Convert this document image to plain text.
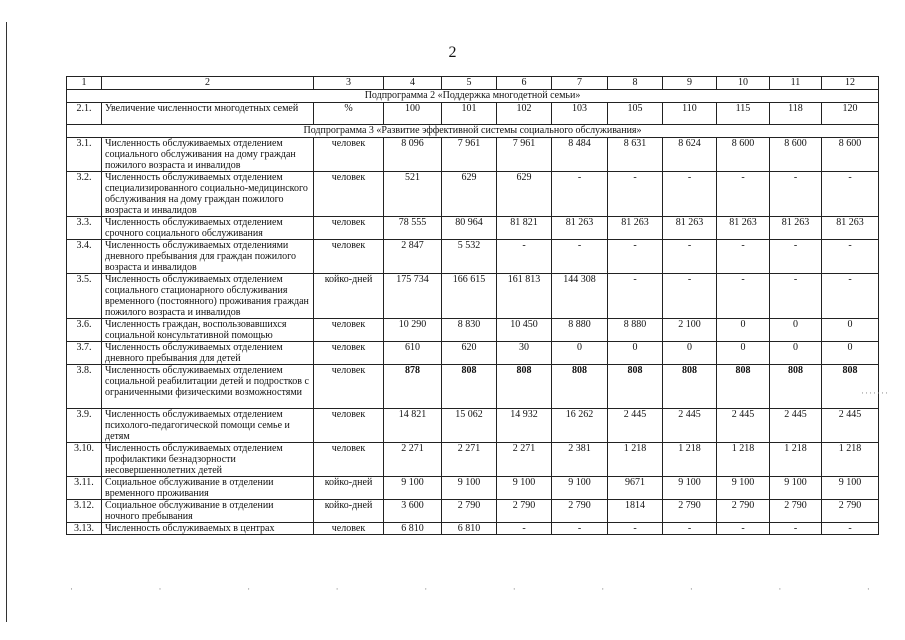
2
1	2	3	4	5	6	7	8	9	10	11	12
Подпрограмма 2 «Поддержка многодетной семьи»											
2.1.	Увеличение численности многодетных семей	%	100	101	102	103	105	110	115	118	120
Подпрограмма 3 «Развитие эффективной системы социального обслуживания»											
3.1.	Численность обслуживаемых отделением социального обслуживания на дому граждан пожилого возраста и инвалидов	человек	8 096	7 961	7 961	8 484	8 631	8 624	8 600	8 600	8 600
3.2.	Численность обслуживаемых отделением специализированного социально-медицинского обслуживания на дому граждан пожилого возраста и инвалидов	человек	521	629	629	-	-	-	-	-	-
3.3.	Численность обслуживаемых отделением срочного социального обслуживания	человек	78 555	80 964	81 821	81 263	81 263	81 263	81 263	81 263	81 263
3.4.	Численность обслуживаемых отделениями дневного пребывания для граждан пожилого возраста и инвалидов	человек	2 847	5 532	-	-	-	-	-	-	-
3.5.	Численность обслуживаемых отделением социального стационарного обслуживания временного (постоянного) проживания граждан пожилого возраста и инвалидов	койко-дней	175 734	166 615	161 813	144 308	-	-	-	-	-
3.6.	Численность граждан, воспользовавшихся социальной консультативной помощью	человек	10 290	8 830	10 450	8 880	8 880	2 100	0	0	0
3.7.	Численность обслуживаемых отделением дневного пребывания для детей	человек	610	620	30	0	0	0	0	0	0
3.8.	Численность обслуживаемых отделением социальной реабилитации детей и подростков с ограниченными физическими возможностями	человек	878	808	808	808	808	808	808	808	808
3.9.	Численность обслуживаемых отделением психолого-педагогической помощи семье и детям	человек	14 821	15 062	14 932	16 262	2 445	2 445	2 445	2 445	2 445
3.10.	Численность обслуживаемых отделением профилактики безнадзорности несовершеннолетних детей	человек	2 271	2 271	2 271	2 381	1 218	1 218	1 218	1 218	1 218
3.11.	Социальное обслуживание в отделении временного проживания	койко-дней	9 100	9 100	9 100	9 100	9671	9 100	9 100	9 100	9 100
3.12.	Социальное обслуживание в отделении ночного пребывания	койко-дней	3 600	2 790	2 790	2 790	1814	2 790	2 790	2 790	2 790
3.13.	Численность обслуживаемых в центрах	человек	6 810	6 810	-	-	-	-	-	-	-
·······
·	·	·	·	·	·	·	·	·	·
